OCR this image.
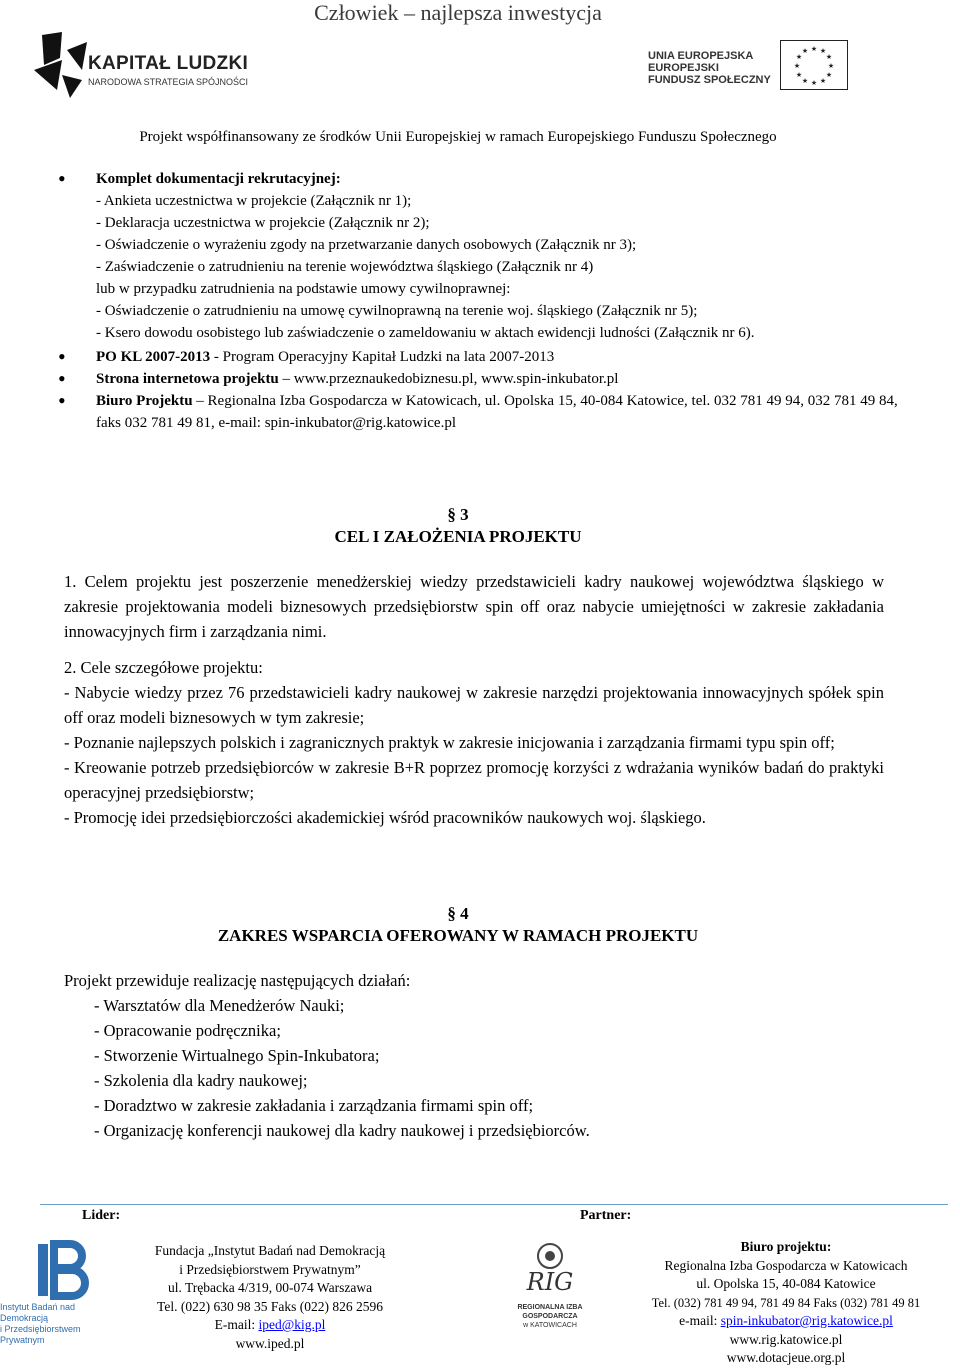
Człowiek – najlepsza inwestycja
KAPITAŁ LUDZKI
NARODOWA STRATEGIA SPÓJNOŚCI
UNIA EUROPEJSKA
EUROPEJSKI
FUNDUSZ SPOŁECZNY
★ ★
★
★
★
★
★
★
★
★
★
★
Projekt współfinansowany ze środków Unii Europejskiej w ramach Europejskiego Funduszu Społecznego
• Komplet dokumentacji rekrutacyjnej:
- Ankieta uczestnictwa w projekcie (Załącznik nr 1);
- Deklaracja uczestnictwa w projekcie (Załącznik nr 2);
- Oświadczenie o wyrażeniu zgody na przetwarzanie danych osobowych (Załącznik nr 3);
- Zaświadczenie o zatrudnieniu na terenie województwa śląskiego (Załącznik nr 4)
lub w przypadku zatrudnienia na podstawie umowy cywilnoprawnej:
- Oświadczenie o zatrudnieniu na umowę cywilnoprawną na terenie woj. śląskiego (Załącznik nr 5);
- Ksero dowodu osobistego lub zaświadczenie o zameldowaniu w aktach ewidencji ludności (Załącznik nr 6).
• PO KL 2007-2013 - Program Operacyjny Kapitał Ludzki na lata 2007-2013
• Strona internetowa projektu – www.przeznaukedobiznesu.pl, www.spin-inkubator.pl
• Biuro Projektu – Regionalna Izba Gospodarcza w Katowicach, ul. Opolska 15, 40-084 Katowice, tel. 032 781 49 94, 032 781 49 84, faks 032 781 49 81, e-mail: spin-inkubator@rig.katowice.pl
§ 3
CEL I ZAŁOŻENIA PROJEKTU
1. Celem projektu jest poszerzenie menedżerskiej wiedzy przedstawicieli kadry naukowej województwa śląskiego w zakresie projektowania modeli biznesowych przedsiębiorstw spin off oraz nabycie umiejętności w zakresie zakładania innowacyjnych firm i zarządzania nimi.
2. Cele szczegółowe projektu:
- Nabycie wiedzy przez 76 przedstawicieli kadry naukowej w zakresie narzędzi projektowania innowacyjnych spółek spin off oraz modeli biznesowych w tym zakresie;
- Poznanie najlepszych polskich i zagranicznych praktyk w zakresie inicjowania i zarządzania firmami typu spin off;
- Kreowanie potrzeb przedsiębiorców w zakresie B+R poprzez promocję korzyści z wdrażania wyników badań do praktyki operacyjnej przedsiębiorstw;
- Promocję idei przedsiębiorczości akademickiej wśród pracowników naukowych woj. śląskiego.
§ 4
ZAKRES WSPARCIA OFEROWANY W RAMACH PROJEKTU
Projekt przewiduje realizację następujących działań:
- Warsztatów dla Menedżerów Nauki;
- Opracowanie podręcznika;
- Stworzenie Wirtualnego Spin-Inkubatora;
- Szkolenia dla kadry naukowej;
- Doradztwo w zakresie zakładania i zarządzania firmami spin off;
- Organizację konferencji naukowej dla kadry naukowej i przedsiębiorców.
Lider:	Partner:
Instytut Badań nad Demokracją
i Przedsiębiorstwem Prywatnym
Fundacja „Instytut Badań nad Demokracją
i Przedsiębiorstwem Prywatnym”
ul. Trębacka 4/319, 00-074 Warszawa
Tel. (022) 630 98 35 Faks (022) 826 2596
E-mail: iped@kig.pl
www.iped.pl
RIG
REGIONALNA IZBA GOSPODARCZA
w KATOWICACH
Biuro projektu:
Regionalna Izba Gospodarcza w Katowicach
ul. Opolska 15, 40-084 Katowice
Tel. (032) 781 49 94, 781 49 84 Faks (032) 781 49 81
e-mail: spin-inkubator@rig.katowice.pl
www.rig.katowice.pl
www.dotacjeue.org.pl
